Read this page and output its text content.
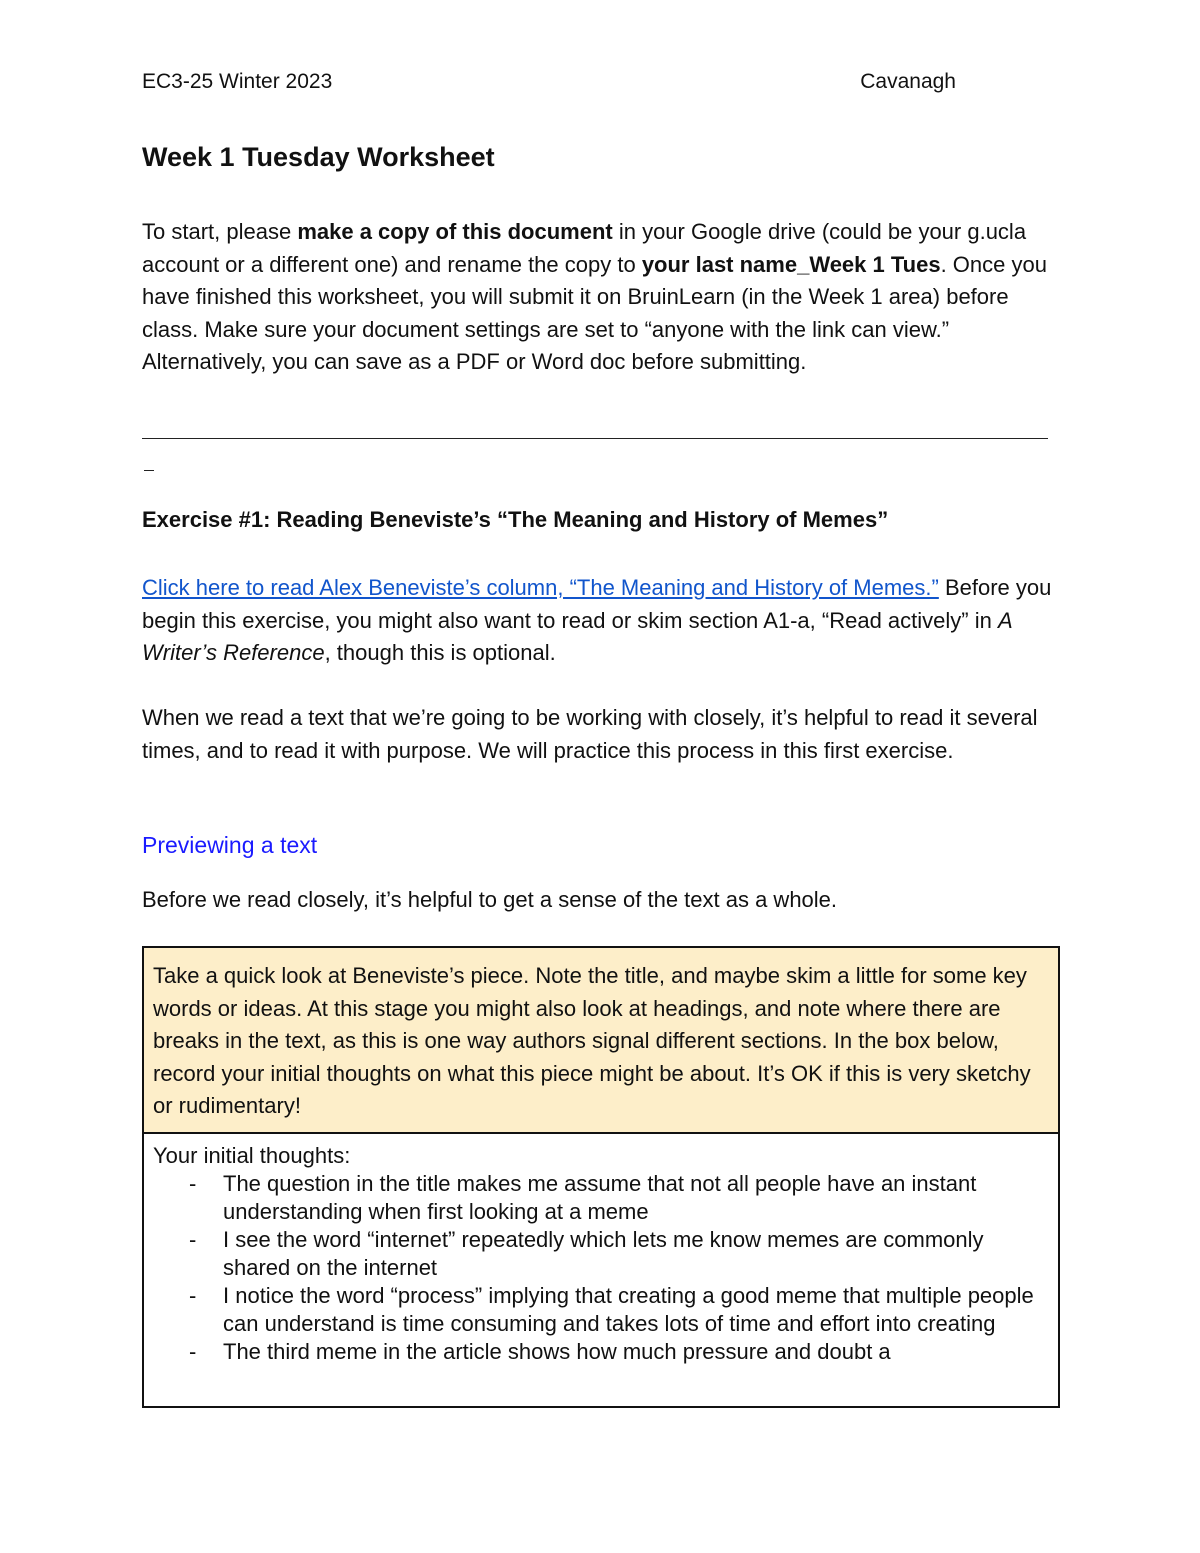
EC3-25 Winter 2023	Cavanagh
Week 1 Tuesday Worksheet
To start, please make a copy of this document in your Google drive (could be your g.ucla account or a different one) and rename the copy to your last name_Week 1 Tues. Once you have finished this worksheet, you will submit it on BruinLearn (in the Week 1 area) before class. Make sure your document settings are set to “anyone with the link can view.” Alternatively, you can save as a PDF or Word doc before submitting.
Exercise #1: Reading Beneviste’s “The Meaning and History of Memes”
Click here to read Alex Beneviste’s column, “The Meaning and History of Memes.” Before you begin this exercise, you might also want to read or skim section A1-a, “Read actively” in A Writer’s Reference, though this is optional.
When we read a text that we’re going to be working with closely, it’s helpful to read it several times, and to read it with purpose. We will practice this process in this first exercise.
Previewing a text
Before we read closely, it’s helpful to get a sense of the text as a whole.
Take a quick look at Beneviste’s piece. Note the title, and maybe skim a little for some key words or ideas. At this stage you might also look at headings, and note where there are breaks in the text, as this is one way authors signal different sections. In the box below, record your initial thoughts on what this piece might be about. It’s OK if this is very sketchy or rudimentary!
Your initial thoughts:
- The question in the title makes me assume that not all people have an instant understanding when first looking at a meme
- I see the word “internet” repeatedly which lets me know memes are commonly shared on the internet
- I notice the word “process” implying that creating a good meme that multiple people can understand is time consuming and takes lots of time and effort into creating
- The third meme in the article shows how much pressure and doubt a
